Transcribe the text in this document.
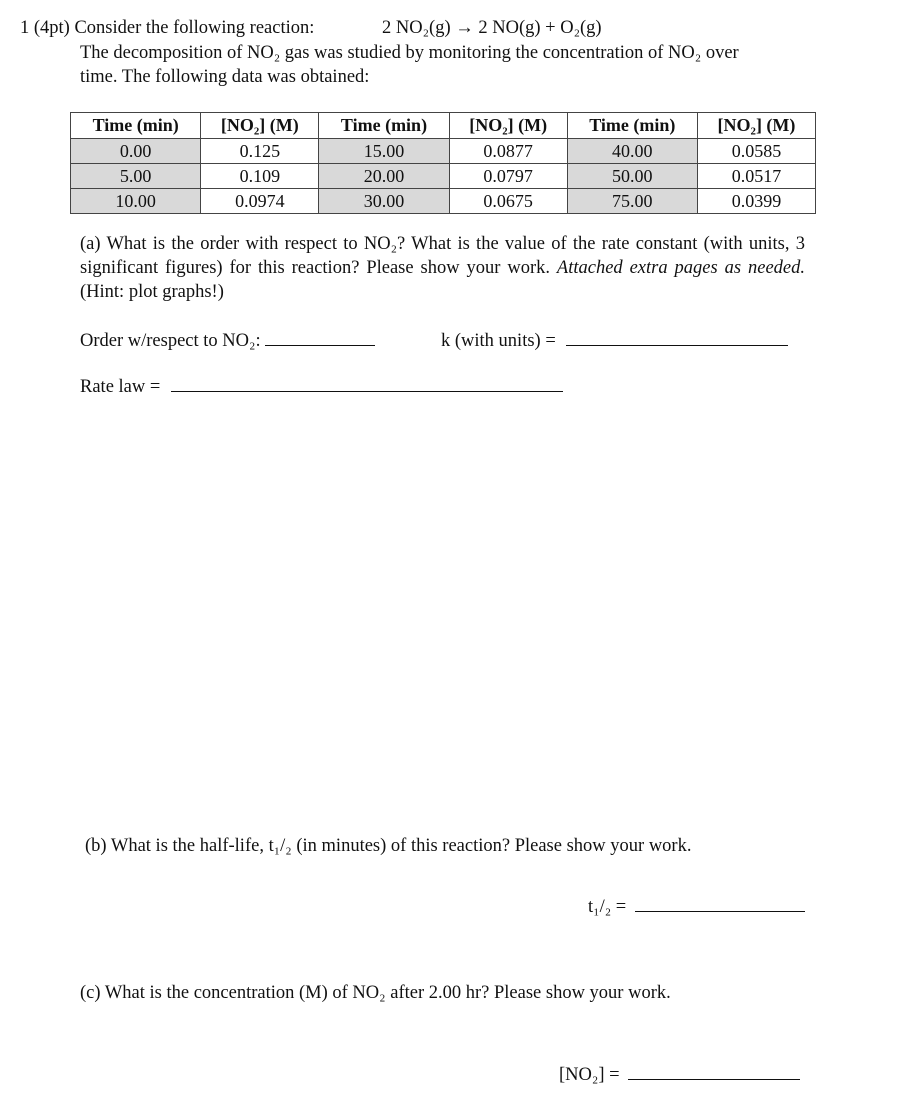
1 (4pt) Consider the following reaction:	2 NO₂(g) → 2 NO(g) + O₂(g)
The decomposition of NO₂ gas was studied by monitoring the concentration of NO₂ over
time. The following data was obtained:
Time (min)	[NO₂] (M)	Time (min)	[NO₂] (M)	Time (min)	[NO₂] (M)
0.00	0.125	15.00	0.0877	40.00	0.0585
5.00	0.109	20.00	0.0797	50.00	0.0517
10.00	0.0974	30.00	0.0675	75.00	0.0399
(a) What is the order with respect to NO₂? What is the value of the rate constant (with units, 3 significant figures) for this reaction? Please show your work. Attached extra pages as needed. (Hint: plot graphs!)
Order w/respect to NO₂:	k (with units) =
Rate law =
(b) What is the half-life, t₁/₂ (in minutes) of this reaction? Please show your work.
t₁/₂ =
(c) What is the concentration (M) of NO₂ after 2.00 hr? Please show your work.
[NO₂] =
